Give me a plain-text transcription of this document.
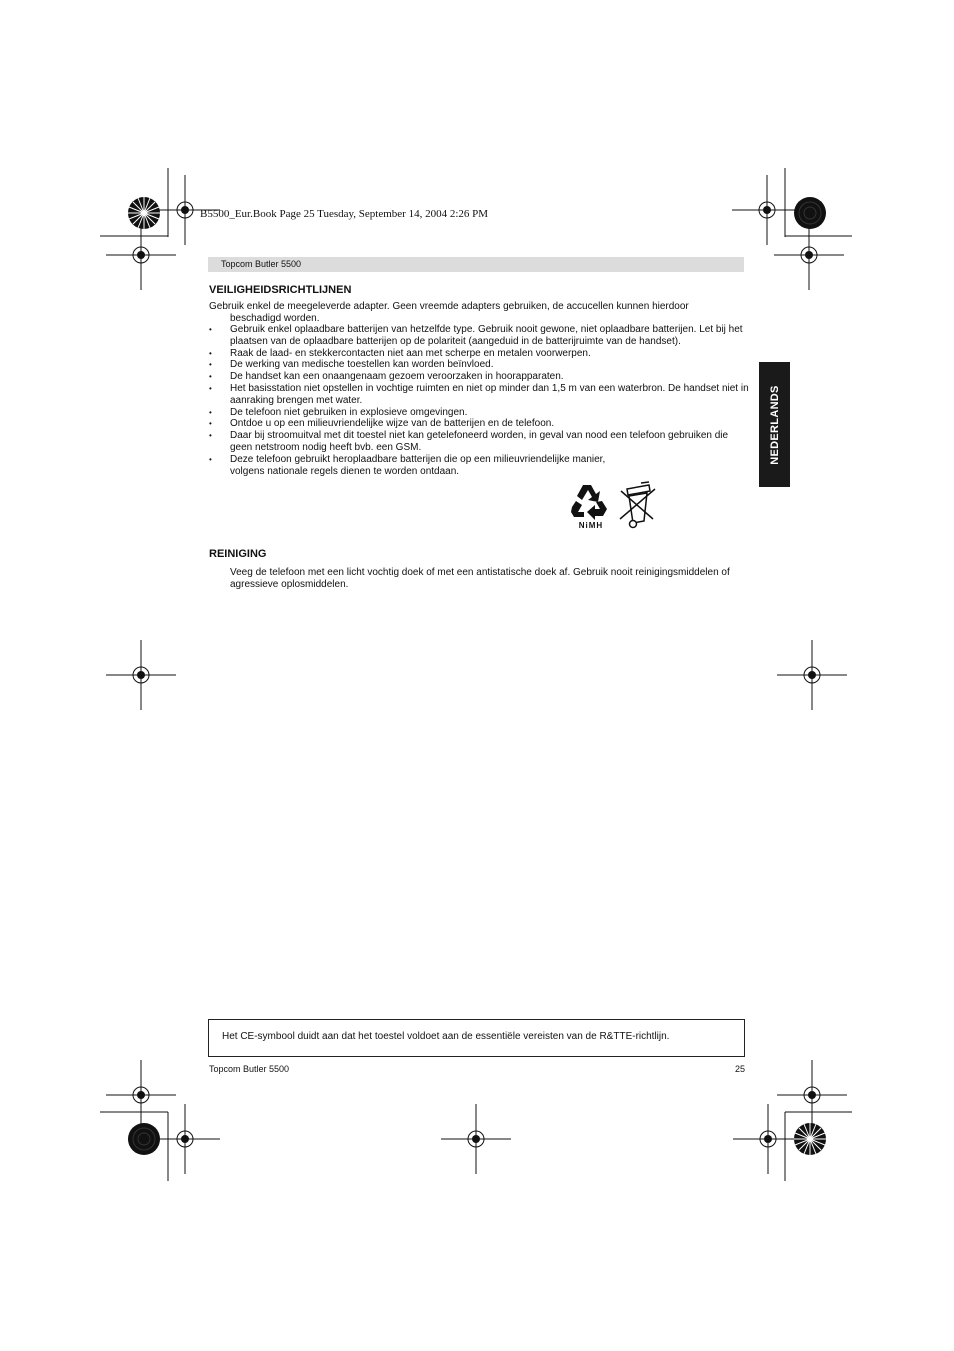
B5500_Eur.Book Page 25 Tuesday, September 14, 2004 2:26 PM
Topcom Butler 5500
VEILIGHEIDSRICHTLIJNEN
Gebruik enkel de meegeleverde adapter. Geen vreemde adapters gebruiken, de accucellen kunnen hierdoor
beschadigd worden.
• Gebruik enkel oplaadbare batterijen van hetzelfde type. Gebruik nooit gewone, niet oplaadbare batterijen. Let bij het plaatsen van de oplaadbare batterijen op de polariteit (aangeduid in de batterijruimte van de handset).
• Raak de laad- en stekkercontacten niet aan met scherpe en metalen voorwerpen.
• De werking van medische toestellen kan worden beïnvloed.
• De handset kan een onaangenaam gezoem veroorzaken in hoorapparaten.
• Het basisstation niet opstellen in vochtige ruimten en niet op minder dan 1,5 m van een waterbron. De handset niet in aanraking brengen met water.
• De telefoon niet gebruiken in explosieve omgevingen.
• Ontdoe u op een milieuvriendelijke wijze van de batterijen en de telefoon.
• Daar bij stroomuitval met dit toestel niet kan getelefoneerd worden, in geval van nood een telefoon gebruiken die geen netstroom nodig heeft bvb. een GSM.
• Deze telefoon gebruikt heroplaadbare batterijen die op een milieuvriendelijke manier,
volgens nationale regels dienen te worden ontdaan.
NiMH
REINIGING
Veeg de telefoon met een licht vochtig doek of met een antistatische doek af. Gebruik nooit reinigingsmiddelen of agressieve oplosmiddelen.
NEDERLANDS
Het CE-symbool duidt aan dat het toestel voldoet aan de essentiële vereisten van de R&TTE-richtlijn.
Topcom Butler 5500	25
